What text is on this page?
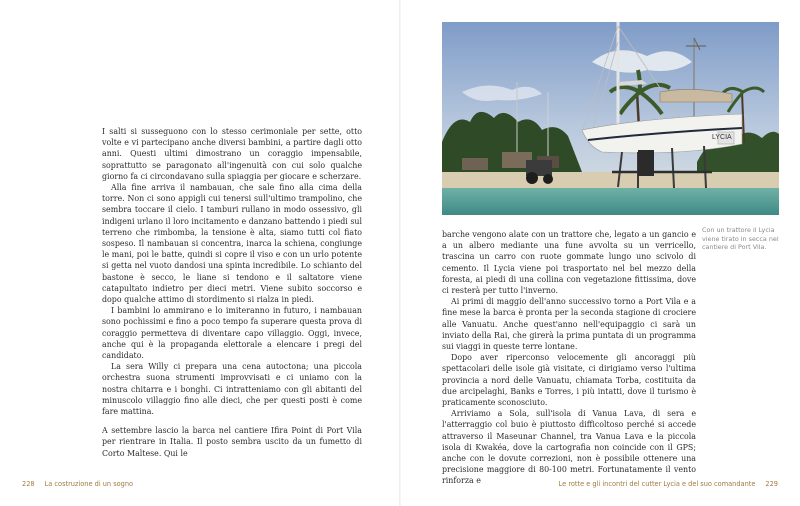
I salti si susseguono con lo stesso cerimoniale per sette, otto volte e vi partecipano anche diversi bambini, a partire dagli otto anni. Questi ultimi dimostrano un coraggio impensabile, soprattutto se paragonato all'ingenuità con cui solo qualche giorno fa ci circondavano sulla spiaggia per giocare e scherzare.

Alla fine arriva il nambauan, che sale fino alla cima della torre. Non ci sono appigli cui tenersi sull'ultimo trampolino, che sembra toccare il cielo. I tamburi rullano in modo ossessivo, gli indigeni urlano il loro incitamento e danzano battendo i piedi sul terreno che rimbomba, la tensione è alta, siamo tutti col fiato sospeso. Il nambauan si concentra, inarca la schiena, congiunge le mani, poi le batte, quindi si copre il viso e con un urlo potente si getta nel vuoto dandosi una spinta incredibile. Lo schianto del bastone è secco, le liane si tendono e il saltatore viene catapultato indietro per dieci metri. Viene subito soccorso e dopo qualche attimo di stordimento si rialza in piedi.

I bambini lo ammirano e lo imiteranno in futuro, i nambauan sono pochissimi e fino a poco tempo fa superare questa prova di coraggio permetteva di diventare capo villaggio. Oggi, invece, anche qui è la propaganda elettorale a elencare i pregi del candidato.

La sera Willy ci prepara una cena autoctona; una piccola orchestra suona strumenti improvvisati e ci uniamo con la nostra chitarra e i bonghi. Ci intratteniamo con gli abitanti del minuscolo villaggio fino alle dieci, che per questi posti è come fare mattina.

A settembre lascio la barca nel cantiere Ifira Point di Port Vila per rientrare in Italia. Il posto sembra uscito da un fumetto di Corto Maltese. Qui le

LYCIA
Con un trattore il Lycia viene tirato in secca nel cantiere di Port Vila.

barche vengono alate con un trattore che, legato a un gancio e a un albero mediante una fune avvolta su un verricello, trascina un carro con ruote gommate lungo uno scivolo di cemento. Il Lycia viene poi trasportato nel bel mezzo della foresta, ai piedi di una collina con vegetazione fittissima, dove ci resterà per tutto l'inverno.

Ai primi di maggio dell'anno successivo torno a Port Vila e a fine mese la barca è pronta per la seconda stagione di crociere alle Vanuatu. Anche quest'anno nell'equipaggio ci sarà un inviato della Rai, che girerà la prima puntata di un programma sui viaggi in queste terre lontane.

Dopo aver riperconso velocemente gli ancoraggi più spettacolari delle isole già visitate, ci dirigiamo verso l'ultima provincia a nord delle Vanuatu, chiamata Torba, costituita da due arcipelaghi, Banks e Torres, i più intatti, dove il turismo è praticamente sconosciuto.

Arriviamo a Sola, sull'isola di Vanua Lava, di sera e l'atterraggio col buio è piuttosto difficoltoso perché si accede attraverso il Maseunar Channel, tra Vanua Lava e la piccola isola di Kwakéa, dove la cartografia non coincide con il GPS; anche con le dovute correzioni, non è possibile ottenere una precisione maggiore di 80-100 metri. Fortunatamente il vento rinforza e

228 La costruzione di un sogno	Le rotte e gli incontri del cutter Lycia e del suo comandante 229
